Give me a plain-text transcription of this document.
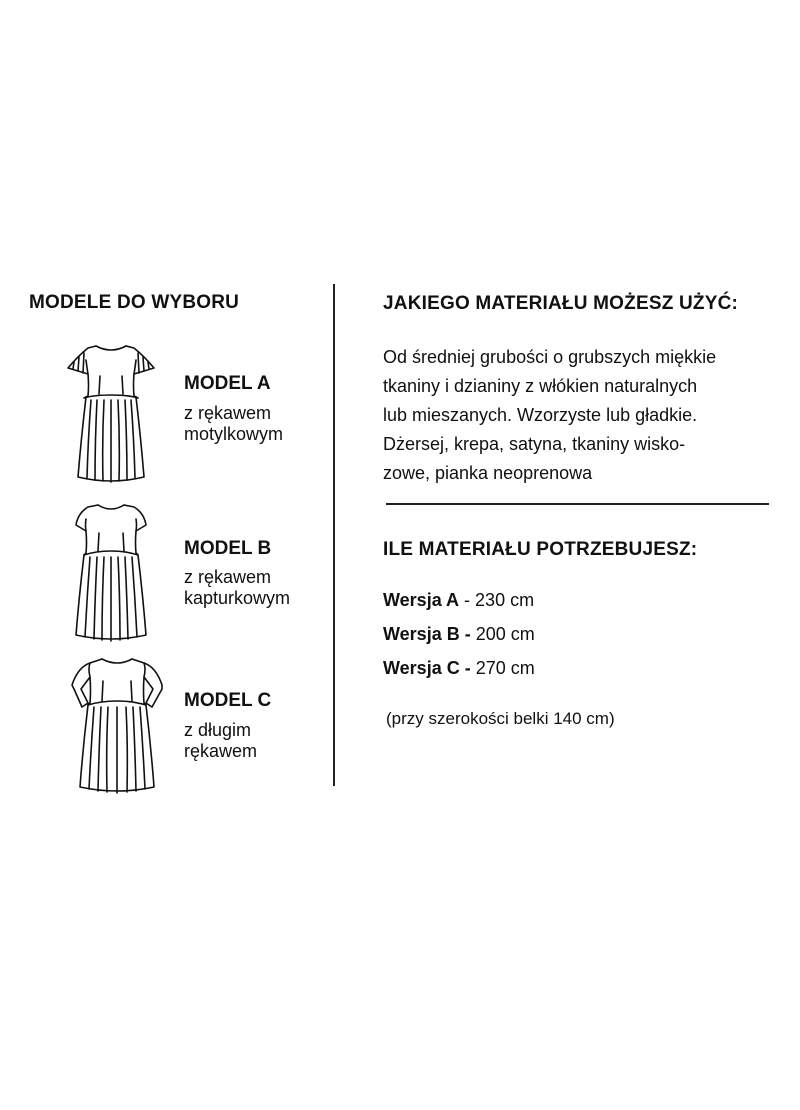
MODELE DO WYBORU
MODEL A
z rękawem
motylkowym
MODEL B
z rękawem
kapturkowym
MODEL C
z długim
rękawem
JAKIEGO MATERIAŁU MOŻESZ UŻYĆ:
Od średniej grubości o grubszych miękkie
tkaniny i dzianiny z włókien naturalnych
lub mieszanych. Wzorzyste lub gładkie.
Dżersej, krepa, satyna, tkaniny wisko-
zowe, pianka neoprenowa
ILE MATERIAŁU POTRZEBUJESZ:
Wersja A - 230 cm
Wersja B - 200 cm
Wersja C - 270 cm
(przy szerokości belki 140 cm)
